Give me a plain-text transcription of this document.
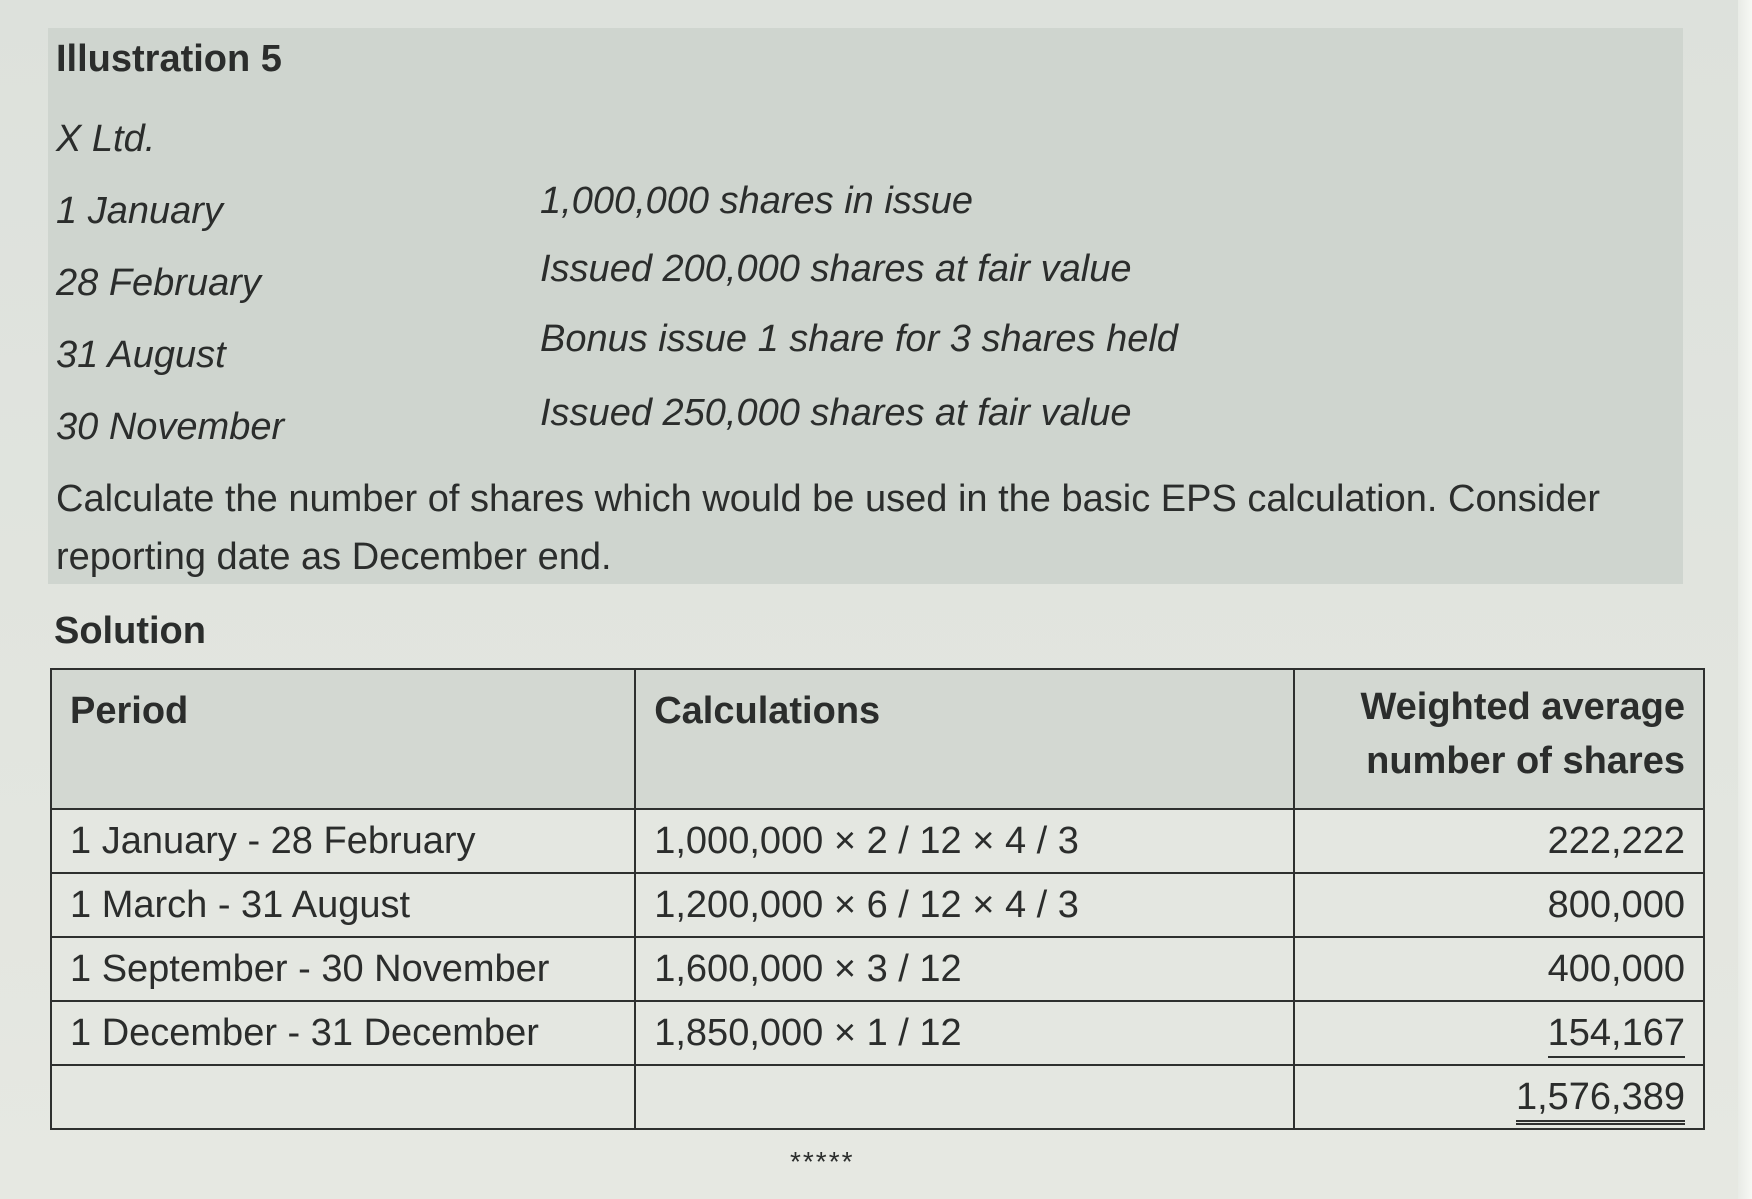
Illustration 5
X Ltd.
1 January	1,000,000 shares in issue
28 February	Issued 200,000 shares at fair value
31 August	Bonus issue 1 share for 3 shares held
30 November	Issued 250,000 shares at fair value
Calculate the number of shares which would be used in the basic EPS calculation. Consider reporting date as December end.
Solution
Period	Calculations	Weighted average number of shares
1 January - 28 February	1,000,000 × 2 / 12 × 4 / 3	222,222
1 March - 31 August	1,200,000 × 6 / 12 × 4 / 3	800,000
1 September - 30 November	1,600,000 × 3 / 12	400,000
1 December - 31 December	1,850,000 × 1 / 12	154,167
		1,576,389
*****
